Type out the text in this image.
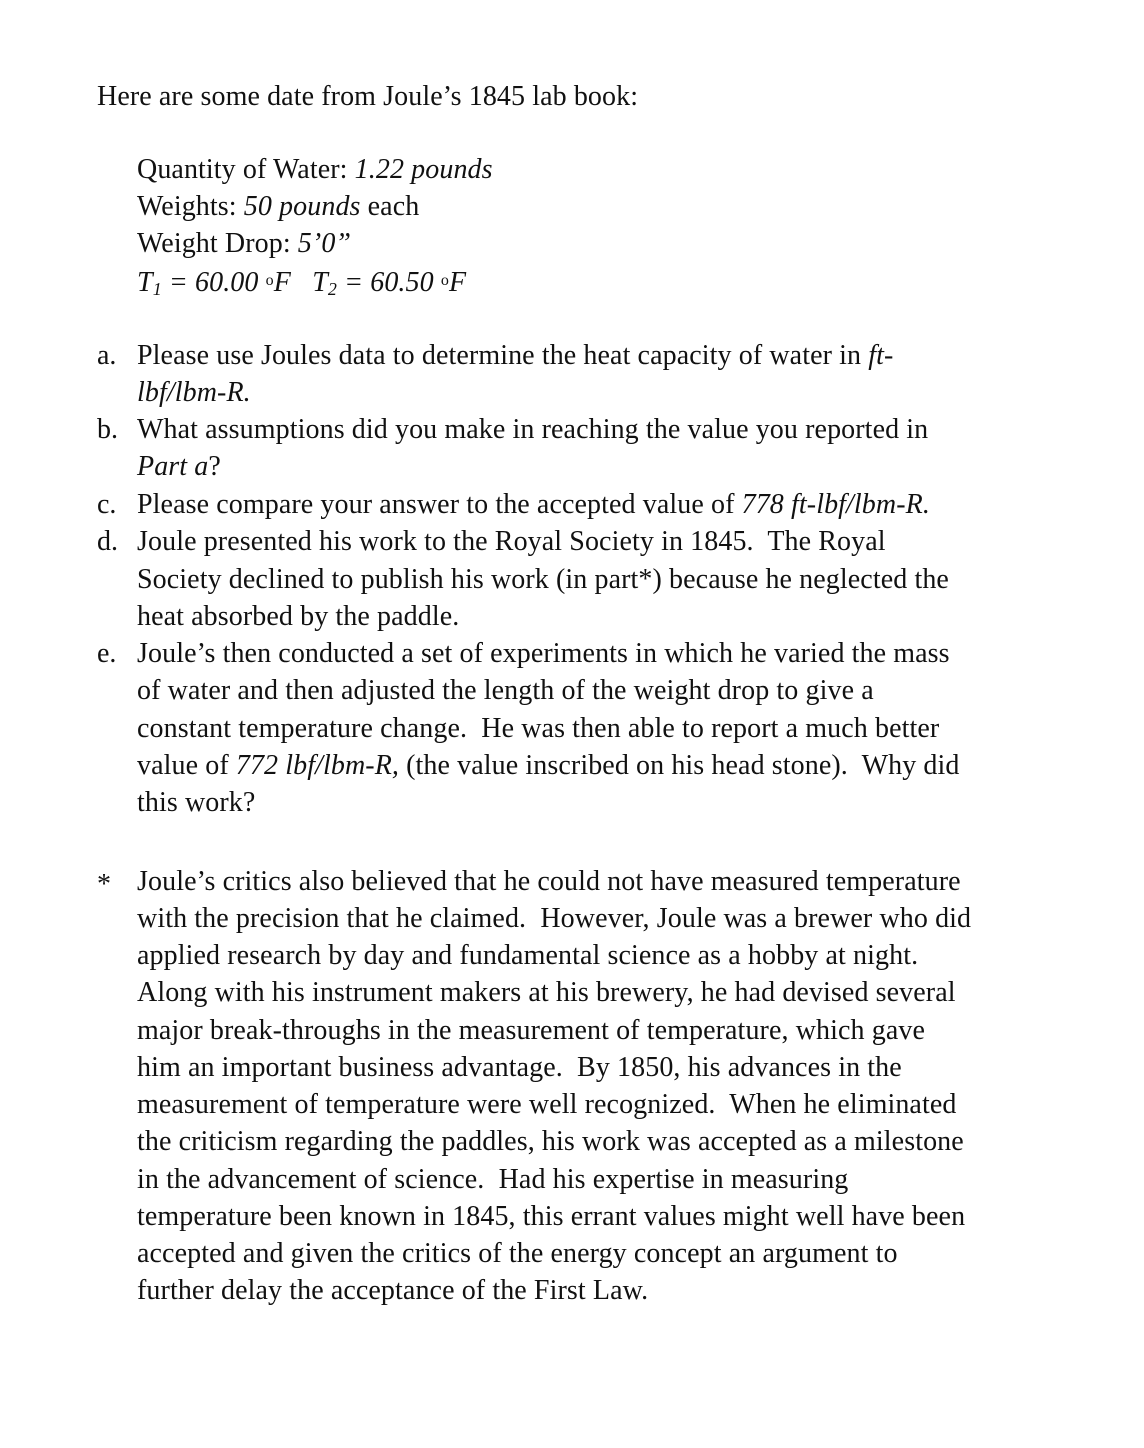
Here are some date from Joule’s 1845 lab book:
Quantity of Water: 1.22 pounds
Weights: 50 pounds each
Weight Drop: 5’0”
$T_1 = 60.00$ $^o$F $T_2 = 60.50$ $^o$F
a. Please use Joules data to determine the heat capacity of water in ft-
lbf/lbm-R.
b. What assumptions did you make in reaching the value you reported in
Part a?
c. Please compare your answer to the accepted value of 778 ft-lbf/lbm-R.
d. Joule presented his work to the Royal Society in 1845.  The Royal
Society declined to publish his work (in part*) because he neglected the
heat absorbed by the paddle.
e. Joule’s then conducted a set of experiments in which he varied the mass
of water and then adjusted the length of the weight drop to give a
constant temperature change.  He was then able to report a much better
value of 772 lbf/lbm-R, (the value inscribed on his head stone).  Why did
this work?
* Joule’s critics also believed that he could not have measured temperature
with the precision that he claimed.  However, Joule was a brewer who did
applied research by day and fundamental science as a hobby at night.
Along with his instrument makers at his brewery, he had devised several
major break-throughs in the measurement of temperature, which gave
him an important business advantage.  By 1850, his advances in the
measurement of temperature were well recognized.  When he eliminated
the criticism regarding the paddles, his work was accepted as a milestone
in the advancement of science.  Had his expertise in measuring
temperature been known in 1845, this errant values might well have been
accepted and given the critics of the energy concept an argument to
further delay the acceptance of the First Law.
